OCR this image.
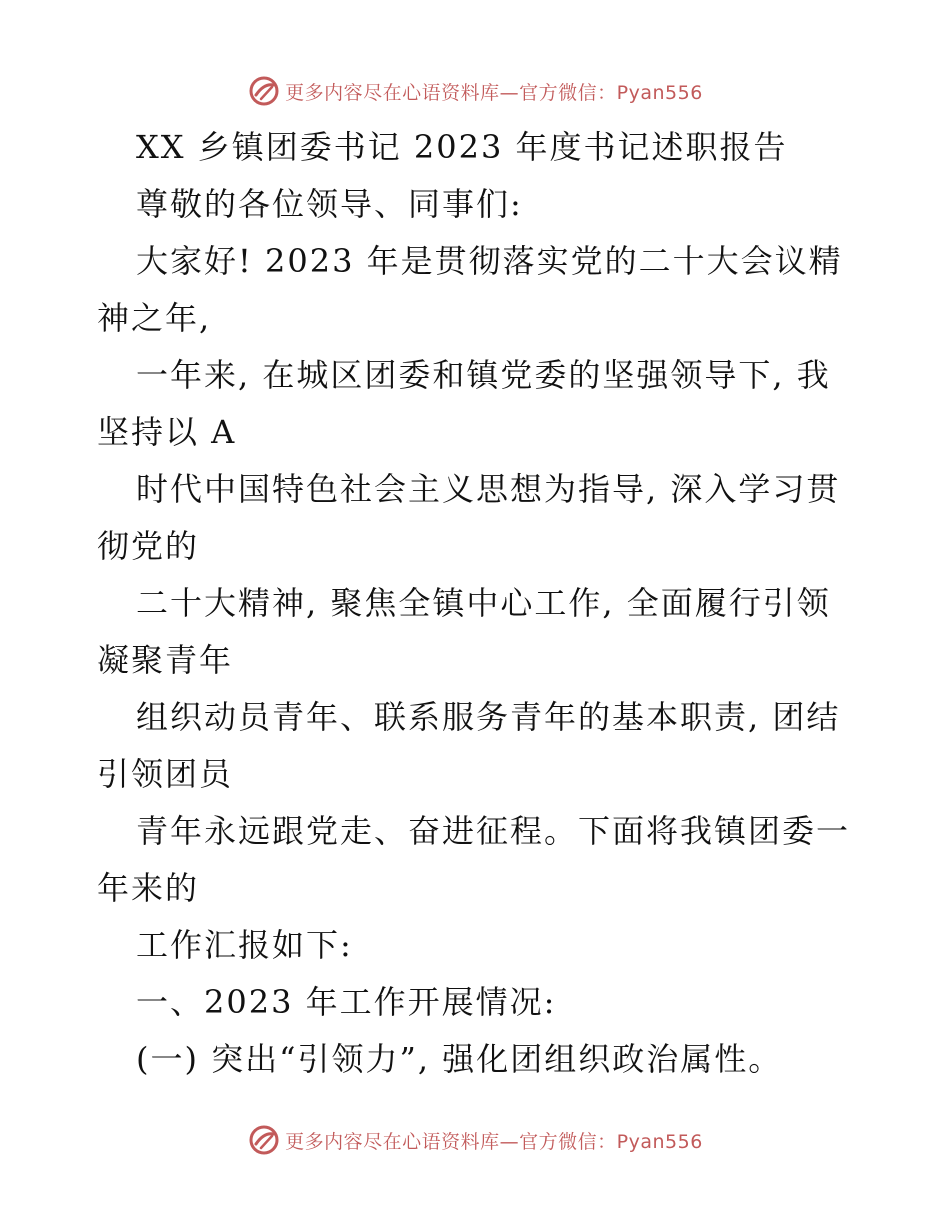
更多内容尽在心语资料库—官方微信：Pyan556
XX 乡镇团委书记 2023 年度书记述职报告
尊敬的各位领导、同事们:
大家好! 2023 年是贯彻落实党的二十大会议精
神之年,
一年来, 在城区团委和镇党委的坚强领导下, 我
坚持以 A
时代中国特色社会主义思想为指导, 深入学习贯
彻党的
二十大精神, 聚焦全镇中心工作, 全面履行引领
凝聚青年
组织动员青年、联系服务青年的基本职责, 团结
引领团员
青年永远跟党走、奋进征程。下面将我镇团委一
年来的
工作汇报如下:
一、2023 年工作开展情况:
(一) 突出“引领力”, 强化团组织政治属性。
更多内容尽在心语资料库—官方微信：Pyan556
